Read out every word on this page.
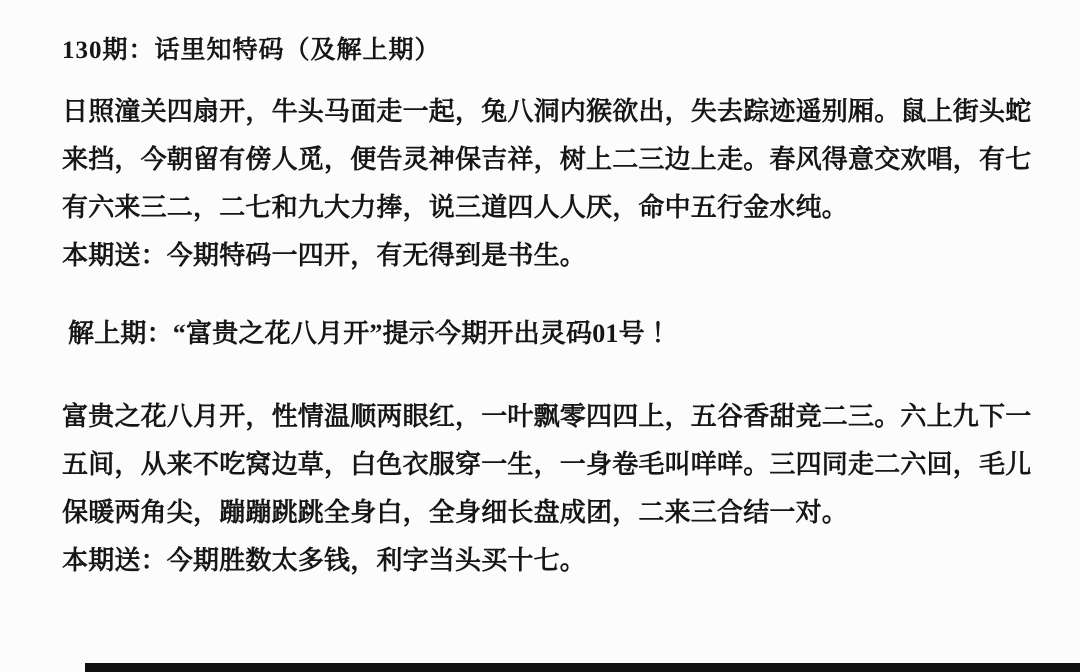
130期：话里知特码（及解上期）
日照潼关四扇开，牛头马面走一起，兔八洞内猴欲出，失去踪迹遥别厢。鼠上街头蛇
来挡，今朝留有傍人觅，便告灵神保吉祥，树上二三边上走。春风得意交欢唱，有七
有六来三二，二七和九大力捧，说三道四人人厌，命中五行金水纯。
本期送：今期特码一四开，有无得到是书生。
解上期：“富贵之花八月开”提示今期开出灵码01号 ！
富贵之花八月开，性情温顺两眼红，一叶飘零四四上，五谷香甜竞二三。六上九下一
五间，从来不吃窝边草，白色衣服穿一生，一身卷毛叫咩咩。三四同走二六回，毛儿
保暖两角尖，蹦蹦跳跳全身白，全身细长盘成团，二来三合结一对。
本期送：今期胜数太多钱，利字当头买十七。
